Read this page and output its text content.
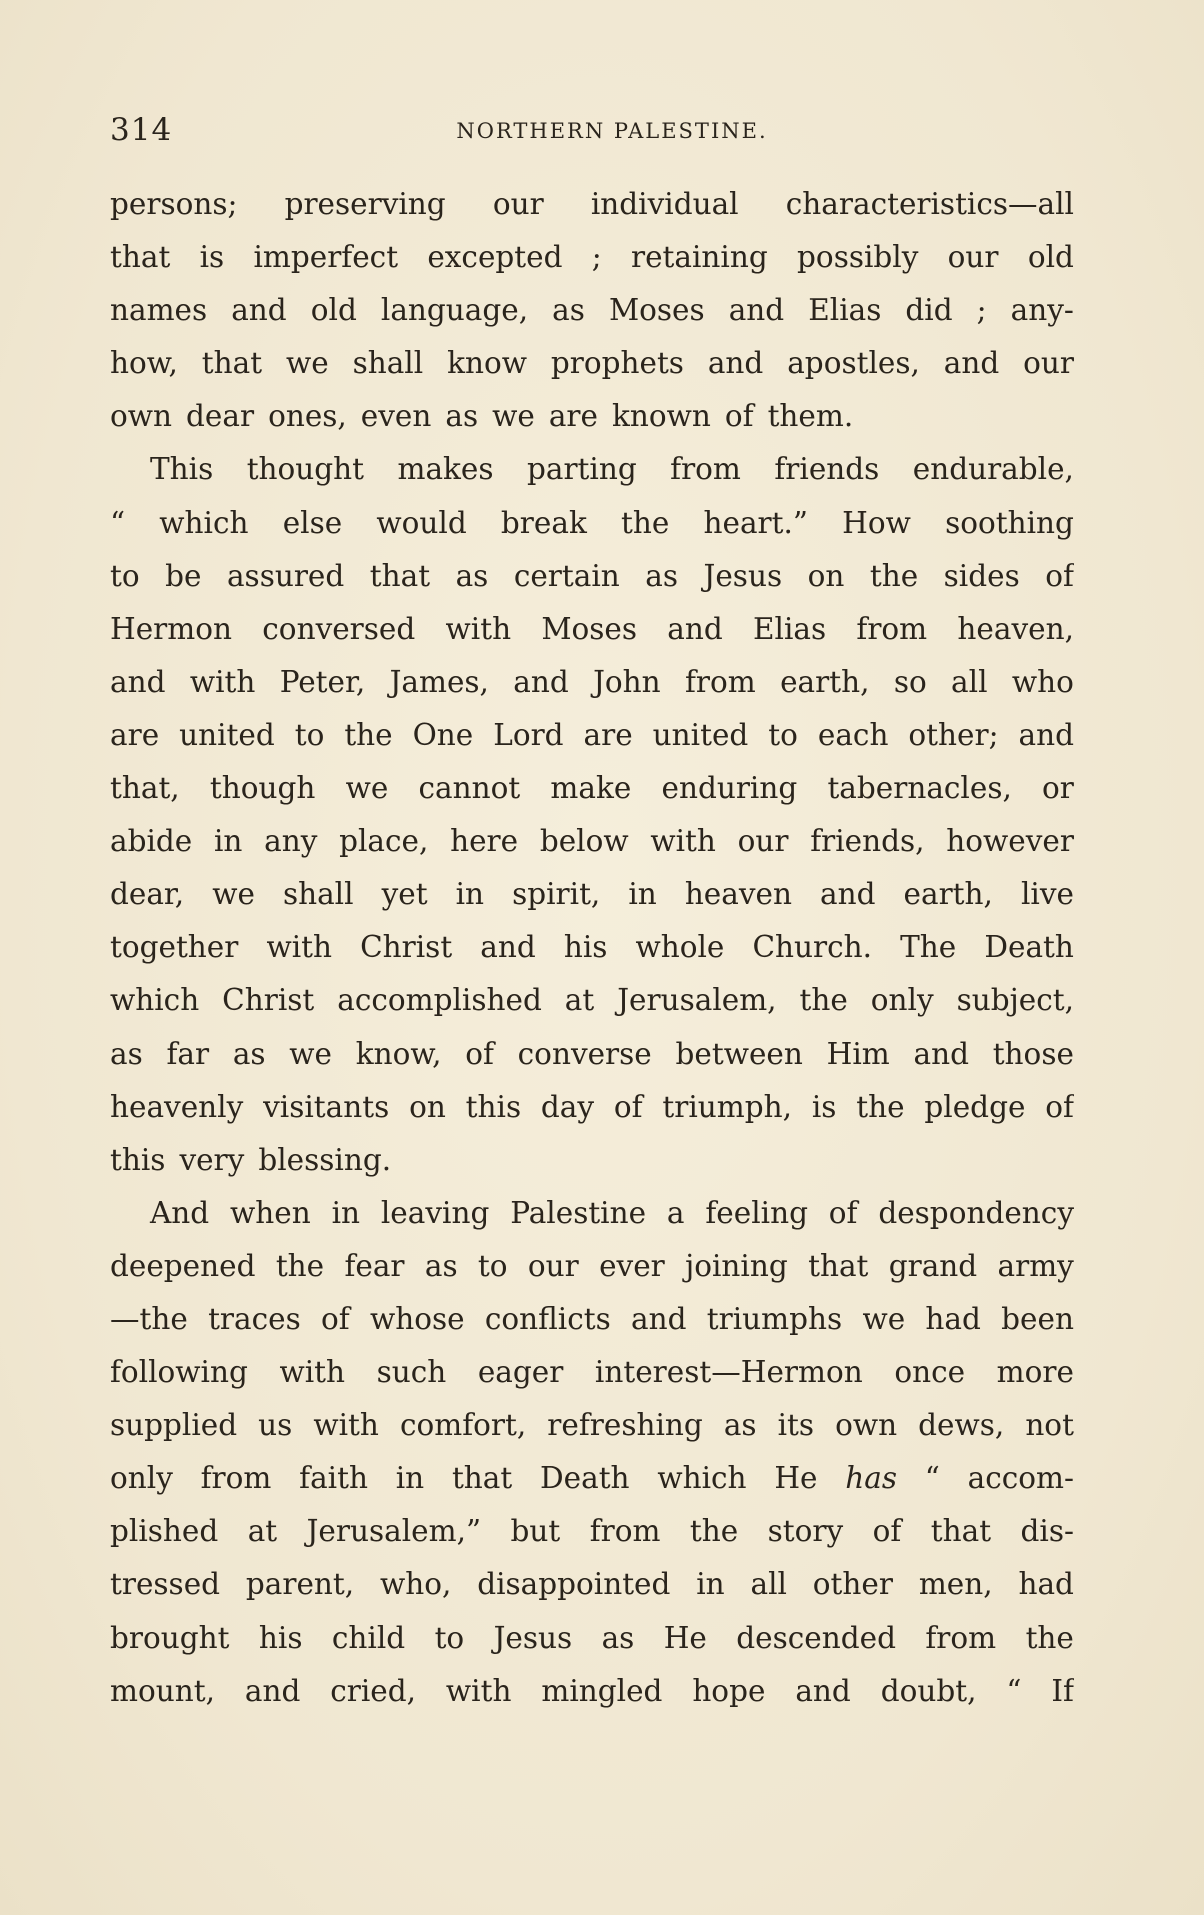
314	NORTHERN PALESTINE.
persons; preserving our individual characteristics—all
that is imperfect excepted ; retaining possibly our old
names and old language, as Moses and Elias did ; any-
how, that we shall know prophets and apostles, and our
own dear ones, even as we are known of them.
This thought makes parting from friends endurable,
“ which else would break the heart.” How soothing
to be assured that as certain as Jesus on the sides of
Hermon conversed with Moses and Elias from heaven,
and with Peter, James, and John from earth, so all who
are united to the One Lord are united to each other; and
that, though we cannot make enduring tabernacles, or
abide in any place, here below with our friends, however
dear, we shall yet in spirit, in heaven and earth, live
together with Christ and his whole Church. The Death
which Christ accomplished at Jerusalem, the only subject,
as far as we know, of converse between Him and those
heavenly visitants on this day of triumph, is the pledge of
this very blessing.
And when in leaving Palestine a feeling of despondency
deepened the fear as to our ever joining that grand army
—the traces of whose conflicts and triumphs we had been
following with such eager interest—Hermon once more
supplied us with comfort, refreshing as its own dews, not
only from faith in that Death which He has “ accom-
plished at Jerusalem,” but from the story of that dis-
tressed parent, who, disappointed in all other men, had
brought his child to Jesus as He descended from the
mount, and cried, with mingled hope and doubt, “ If
